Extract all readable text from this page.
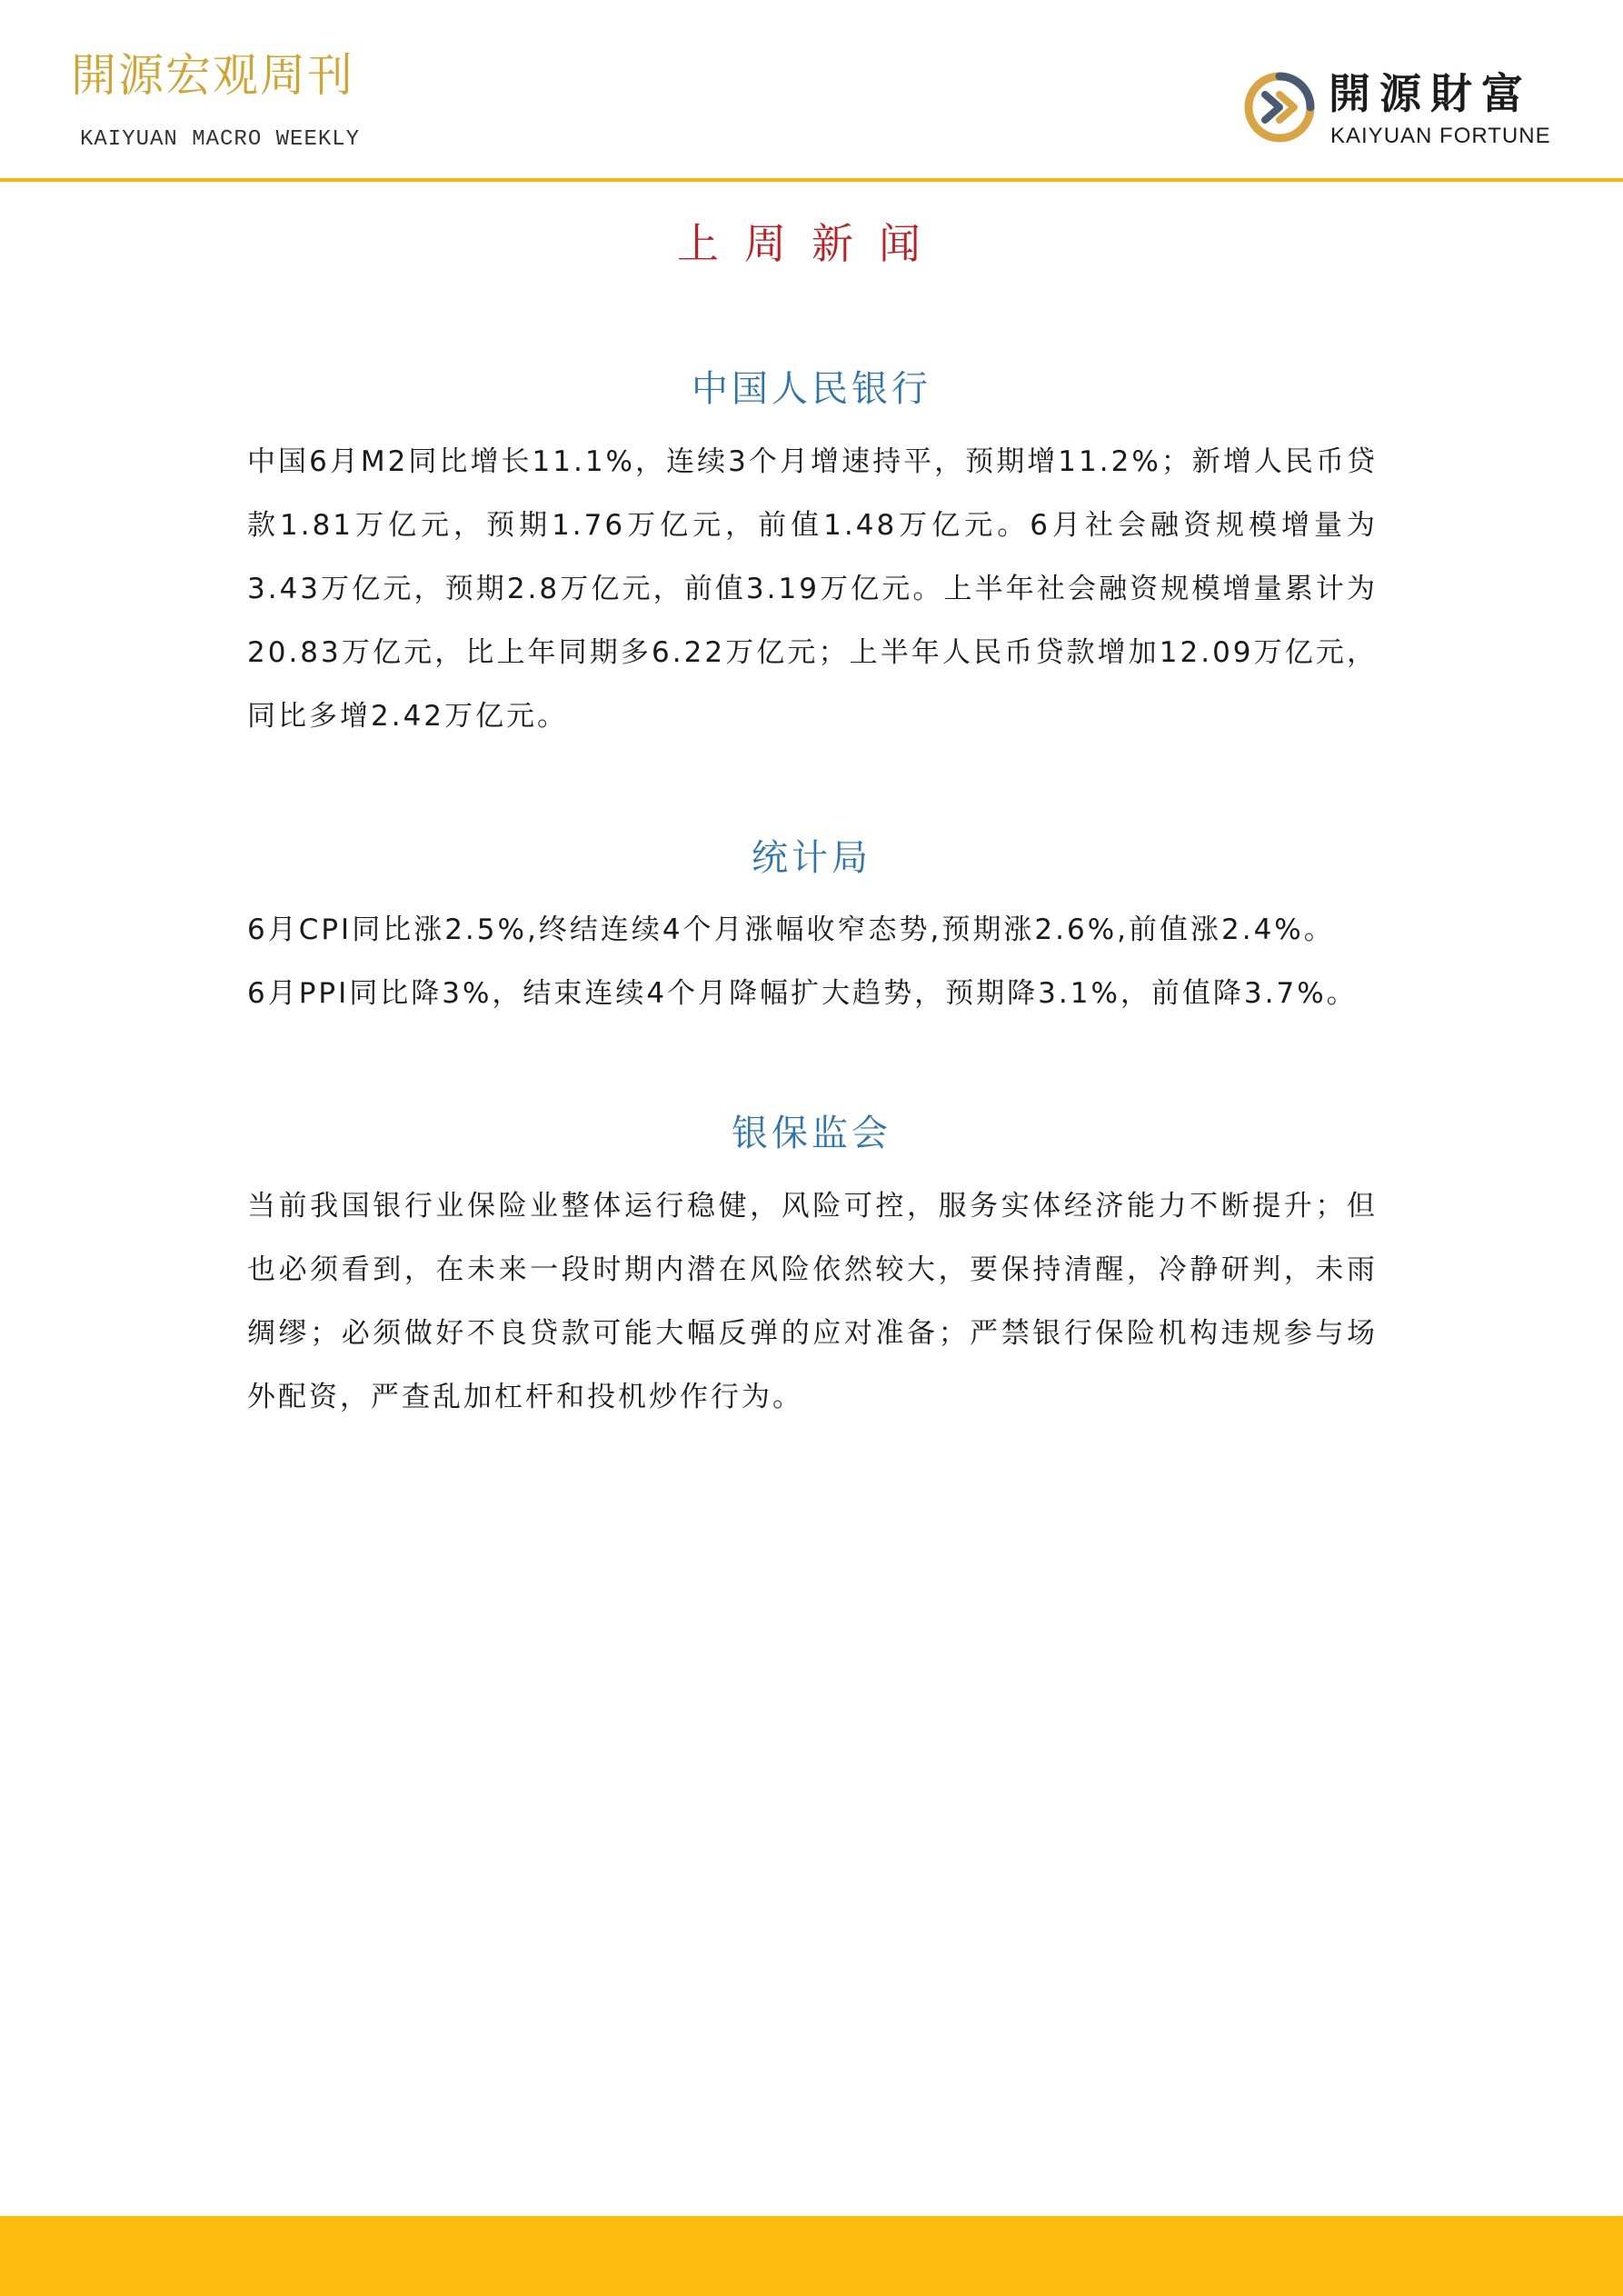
開源宏观周刊
KAIYUAN MACRO WEEKLY
開源財富
KAIYUAN FORTUNE
上周新闻
中国人民银行

中国6月M2同比增长11.1%，连续3个月增速持平，预期增11.2%；新增人民币贷款1.81万亿元，预期1.76万亿元，前值1.48万亿元。6月社会融资规模增量为3.43万亿元，预期2.8万亿元，前值3.19万亿元。上半年社会融资规模增量累计为20.83万亿元，比上年同期多6.22万亿元；上半年人民币贷款增加12.09万亿元，同比多增2.42万亿元。

统计局

6月CPI同比涨2.5%,终结连续4个月涨幅收窄态势,预期涨2.6%,前值涨2.4%。

6月PPI同比降3%，结束连续4个月降幅扩大趋势，预期降3.1%，前值降3.7%。

银保监会

当前我国银行业保险业整体运行稳健，风险可控，服务实体经济能力不断提升；但也必须看到，在未来一段时期内潜在风险依然较大，要保持清醒，冷静研判，未雨绸缪；必须做好不良贷款可能大幅反弹的应对准备；严禁银行保险机构违规参与场外配资，严查乱加杠杆和投机炒作行为。
